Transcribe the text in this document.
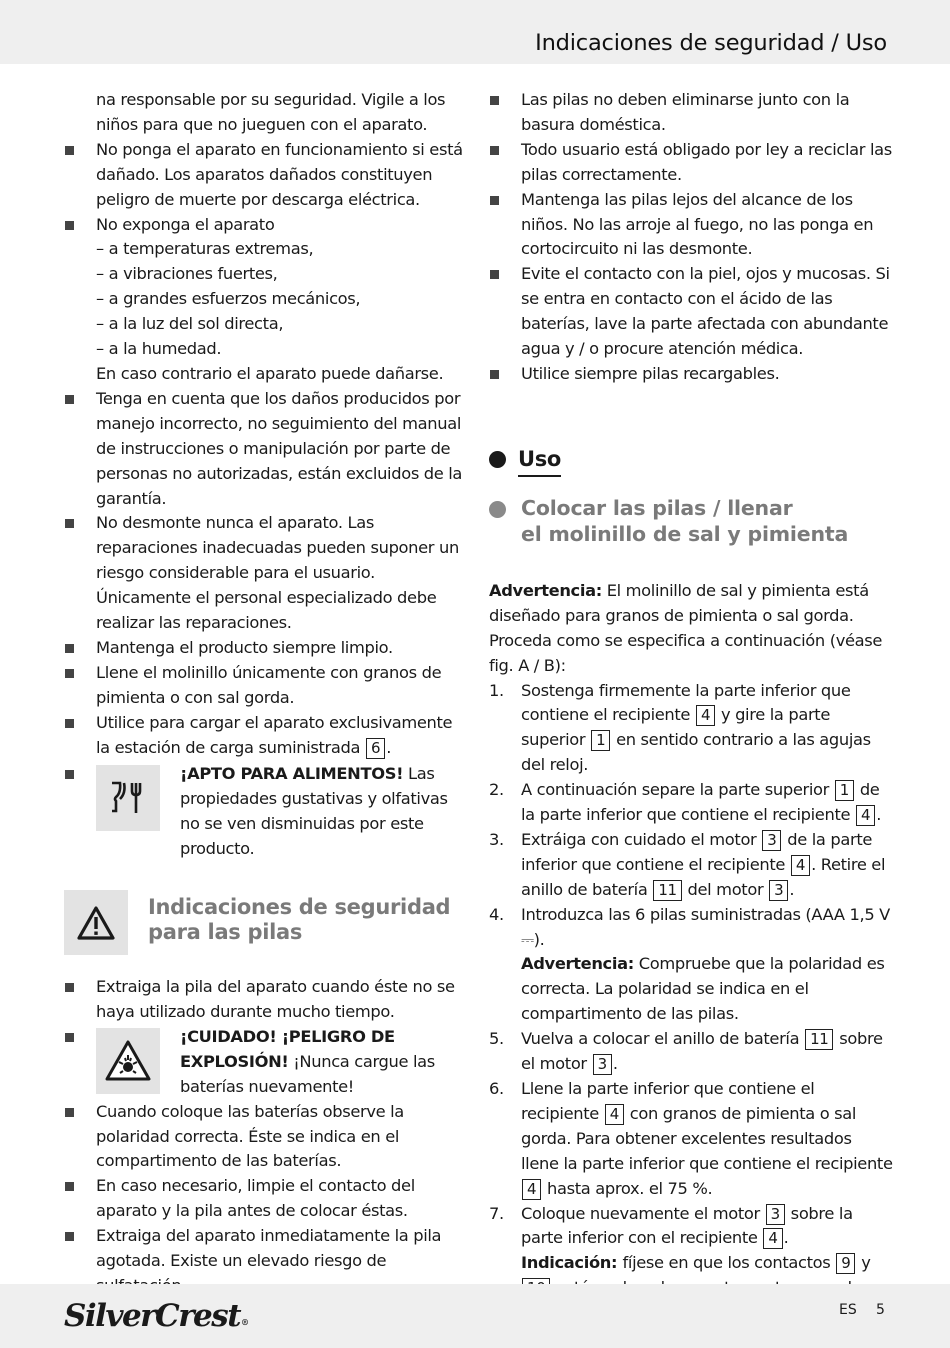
Indicaciones de seguridad / Uso
na responsable por su seguridad. Vigile a los niños para que no jueguen con el aparato.
No ponga el aparato en funcionamiento si está dañado. Los aparatos dañados constituyen peligro de muerte por descarga eléctrica.
No exponga el aparato
– a temperaturas extremas,
– a vibraciones fuertes,
– a grandes esfuerzos mecánicos,
– a la luz del sol directa,
– a la humedad.
En caso contrario el aparato puede dañarse.
Tenga en cuenta que los daños producidos por manejo incorrecto, no seguimiento del manual de instrucciones o manipulación por parte de personas no autorizadas, están excluidos de la garantía.
No desmonte nunca el aparato. Las reparaciones inadecuadas pueden suponer un riesgo considerable para el usuario. Únicamente el personal especializado debe realizar las reparaciones.
Mantenga el producto siempre limpio.
Llene el molinillo únicamente con granos de pimienta o con sal gorda.
Utilice para cargar el aparato exclusivamente la estación de carga suministrada 6 .
¡APTO PARA ALIMENTOS! Las propiedades gustativas y olfativas no se ven disminuidas por este producto.
Indicaciones de seguridad para las pilas
Extraiga la pila del aparato cuando éste no se haya utilizado durante mucho tiempo.
¡CUIDADO! ¡PELIGRO DE EXPLOSIÓN! ¡Nunca cargue las baterías nuevamente!
Cuando coloque las baterías observe la polaridad correcta. Éste se indica en el compartimento de las baterías.
En caso necesario, limpie el contacto del aparato y la pila antes de colocar éstas.
Extraiga del aparato inmediatamente la pila agotada. Existe un elevado riesgo de
Las pilas no deben eliminarse junto con la basura doméstica.
Todo usuario está obligado por ley a reciclar las pilas correctamente.
Mantenga las pilas lejos del alcance de los niños. No las arroje al fuego, no las ponga en cortocircuito ni las desmonte.
Evite el contacto con la piel, ojos y mucosas. Si se entra en contacto con el ácido de las baterías, lave la parte afectada con abundante agua y / o procure atención médica.
Utilice siempre pilas recargables.
Uso
Colocar las pilas / llenar
el molinillo de sal y pimienta
Advertencia: El molinillo de sal y pimienta está diseñado para granos de pimienta o sal gorda. Proceda como se especifica a continuación (véase fig. A / B):
1. Sostenga firmemente la parte inferior que contiene el recipiente 4 y gire la parte superior 1 en sentido contrario a las agujas del reloj.
2. A continuación separe la parte superior 1 de la parte inferior que contiene el recipiente 4 .
3. Extráiga con cuidado el motor 3 de la parte inferior que contiene el recipiente 4 . Retire el anillo de batería 11 del motor 3 .
4. Introduzca las 6 pilas suministradas (AAA 1,5 V ⎓).
Advertencia: Compruebe que la polaridad es correcta. La polaridad se indica en el compartimento de las pilas.
5. Vuelva a colocar el anillo de batería 11 sobre el motor 3 .
6. Llene la parte inferior que contiene el recipiente 4 con granos de pimienta o sal gorda. Para obtener excelentes resultados llene la parte inferior que contiene el recipiente 4 hasta aprox. el 75 %.
7. Coloque nuevamente el motor 3 sobre la parte inferior con el recipiente 4 .
Indicación: fíjese en que los contactos 9 y
SilverCrest®
ES 5
